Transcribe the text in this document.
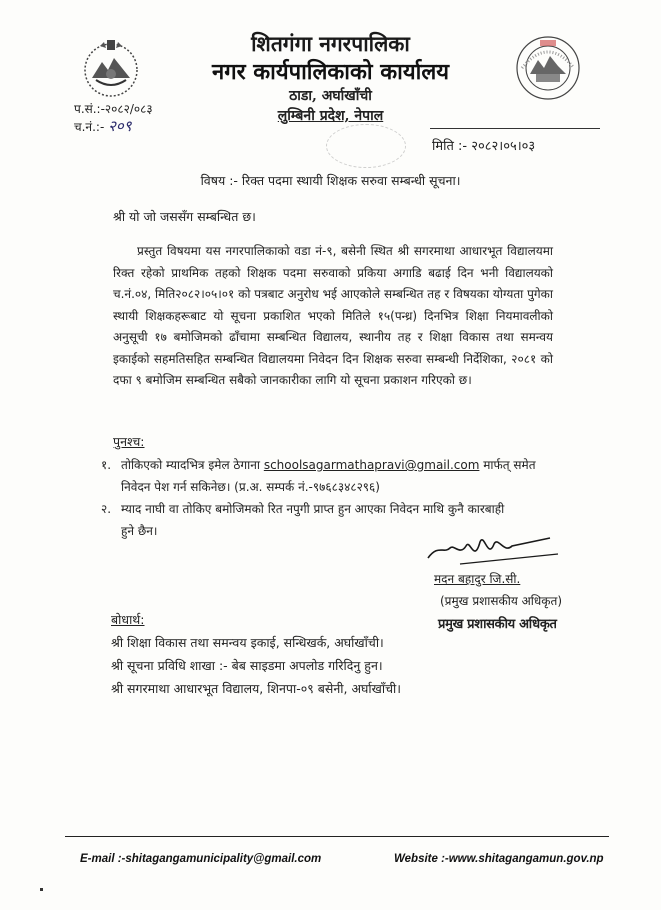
शितगंगा नगरपालिका
नगर कार्यपालिकाको कार्यालय
ठाडा, अर्घाखाँची
लुम्बिनी प्रदेश, नेपाल
प.सं.:-२०८२/०८३
च.नं.:- २०९
मिति :- २०८२।०५।०३
विषय :- रिक्त पदमा स्थायी शिक्षक सरुवा सम्बन्धी सूचना।
श्री यो जो जससँग सम्बन्धित छ।
प्रस्तुत विषयमा यस नगरपालिकाको वडा नं-९, बसेनी स्थित श्री सगरमाथा आधारभूत विद्यालयमा रिक्त रहेको प्राथमिक तहको शिक्षक पदमा सरुवाको प्रकिया अगाडि बढाई दिन भनी विद्यालयको च.नं.०४, मिति२०८२।०५।०१ को पत्रबाट अनुरोध भई आएकोले सम्बन्धित तह र विषयका योग्यता पुगेका स्थायी शिक्षकहरूबाट यो सूचना प्रकाशित भएको मितिले १५(पन्ध्र) दिनभित्र शिक्षा नियमावलीको अनुसूची १७ बमोजिमको ढाँचामा सम्बन्धित विद्यालय, स्थानीय तह र शिक्षा विकास तथा समन्वय इकाईको सहमतिसहित सम्बन्धित विद्यालयमा निवेदन दिन शिक्षक सरुवा सम्बन्धी निर्देशिका, २०८१ को दफा ९ बमोजिम सम्बन्धित सबैको जानकारीका लागि यो सूचना प्रकाशन गरिएको छ।
पुनश्च:
१. तोकिएको म्यादभित्र इमेल ठेगाना schoolsagarmathapravi@gmail.com मार्फत् समेत
निवेदन पेश गर्न सकिनेछ। (प्र.अ. सम्पर्क नं.-९७६८३४८२९६)
२. म्याद नाघी वा तोकिए बमोजिमको रित नपुगी प्राप्त हुन आएका निवेदन माथि कुनै कारबाही
हुने छैन।
मदन बहादुर जि.सी.
(प्रमुख प्रशासकीय अधिकृत)
प्रमुख प्रशासकीय अधिकृत
बोधार्थ:
श्री शिक्षा विकास तथा समन्वय इकाई, सन्धिखर्क, अर्घाखाँची।
श्री सूचना प्रविधि शाखा :- बेब साइडमा अपलोड गरिदिनु हुन।
श्री सगरमाथा आधारभूत विद्यालय, शिनपा-०९ बसेनी, अर्घाखाँची।
E-mail :-shitagangamunicipality@gmail.com	Website :-www.shitagangamun.gov.np
